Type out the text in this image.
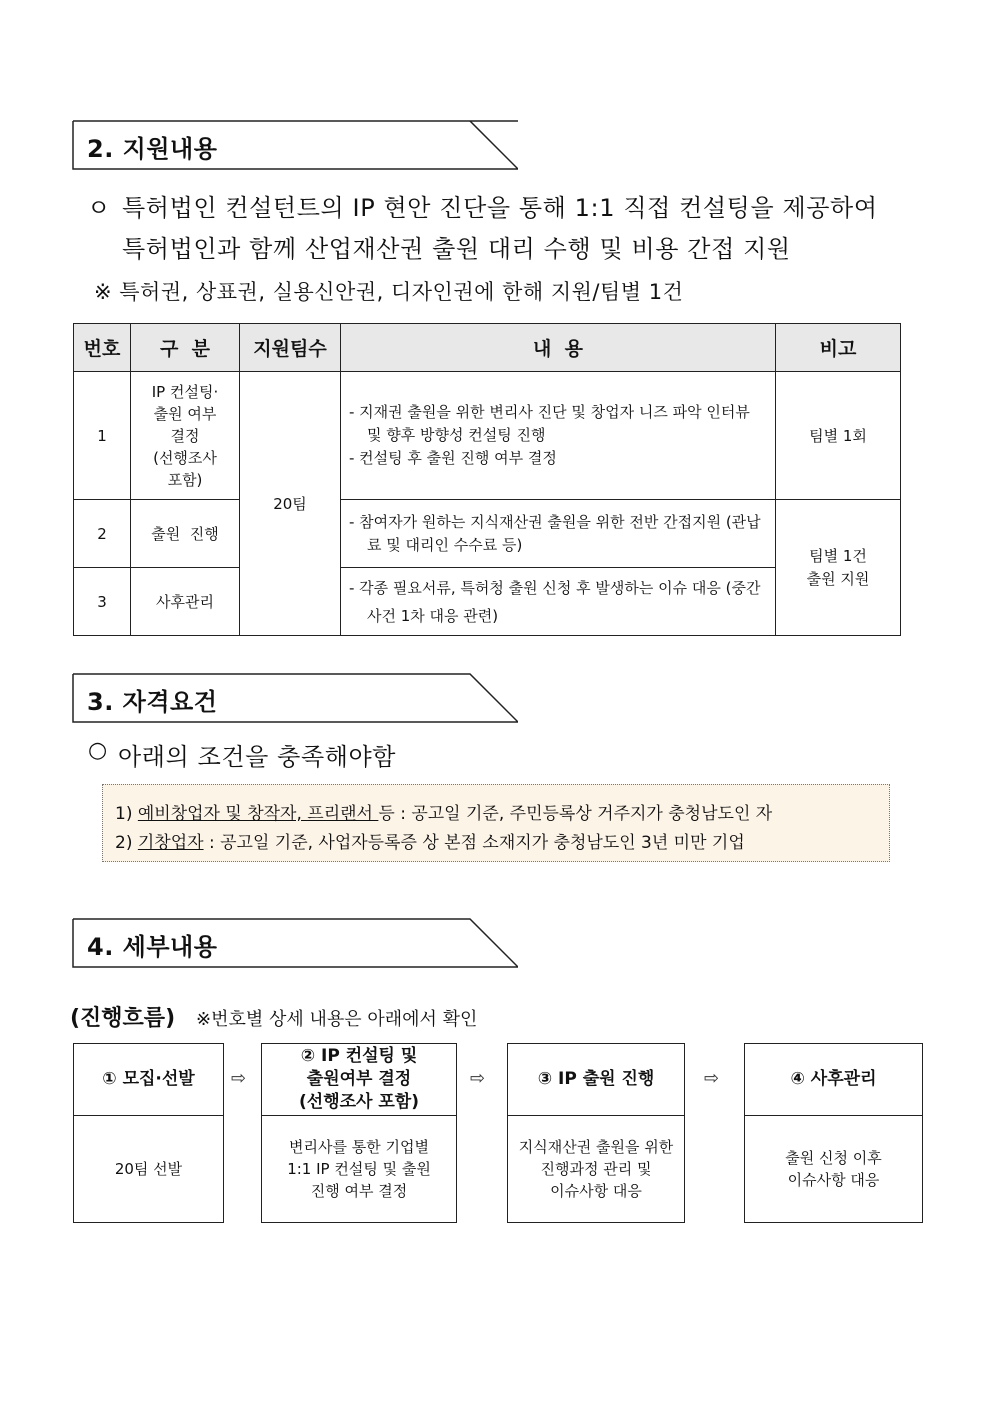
2. 지원내용
ㅇ 특허법인 컨설턴트의 IP 현안 진단을 통해 1:1 직접 컨설팅을 제공하여
특허법인과 함께 산업재산권 출원 대리 수행 및 비용 간접 지원
※ 특허권, 상표권, 실용신안권, 디자인권에 한해 지원/팀별 1건
번호	구  분	지원팀수	내  용	비고
1	IP 컨설팅·
출원 여부
결정
(선행조사
포함)	20팀	- 지재권 출원을 위한 변리사 진단 및 창업자 니즈 파악 인터뷰 및 향후 방향성 컨설팅 진행
- 컨설팅 후 출원 진행 여부 결정	팀별 1회
2	출원  진행		- 참여자가 원하는 지식재산권 출원을 위한 전반 간접지원 (관납료 및 대리인 수수료 등)	팀별 1건
출원 지원

3	사후관리		- 각종 필요서류, 특허청 출원 신청 후 발생하는 이슈 대응 (중간사건 1차 대응 관련)	
3. 자격요건
○ 아래의 조건을 충족해야함
1) 예비창업자 및 창작자, 프리랜서 등 : 공고일 기준, 주민등록상 거주지가 충청남도인 자
2) 기창업자 : 공고일 기준, 사업자등록증 상 본점 소재지가 충청남도인 3년 미만 기업
4. 세부내용
(진행흐름) ※번호별 상세 내용은 아래에서 확인
① 모집·선발
20팀 선발
⇨
② IP 컨설팅 및
출원여부 결정
(선행조사 포함)
변리사를 통한 기업별
1:1 IP 컨설팅 및 출원
진행 여부 결정
⇨	③ IP 출원 진행
지식재산권 출원을 위한
진행과정 관리 및
이슈사항 대응
⇨	④ 사후관리
출원 신청 이후
이슈사항 대응
